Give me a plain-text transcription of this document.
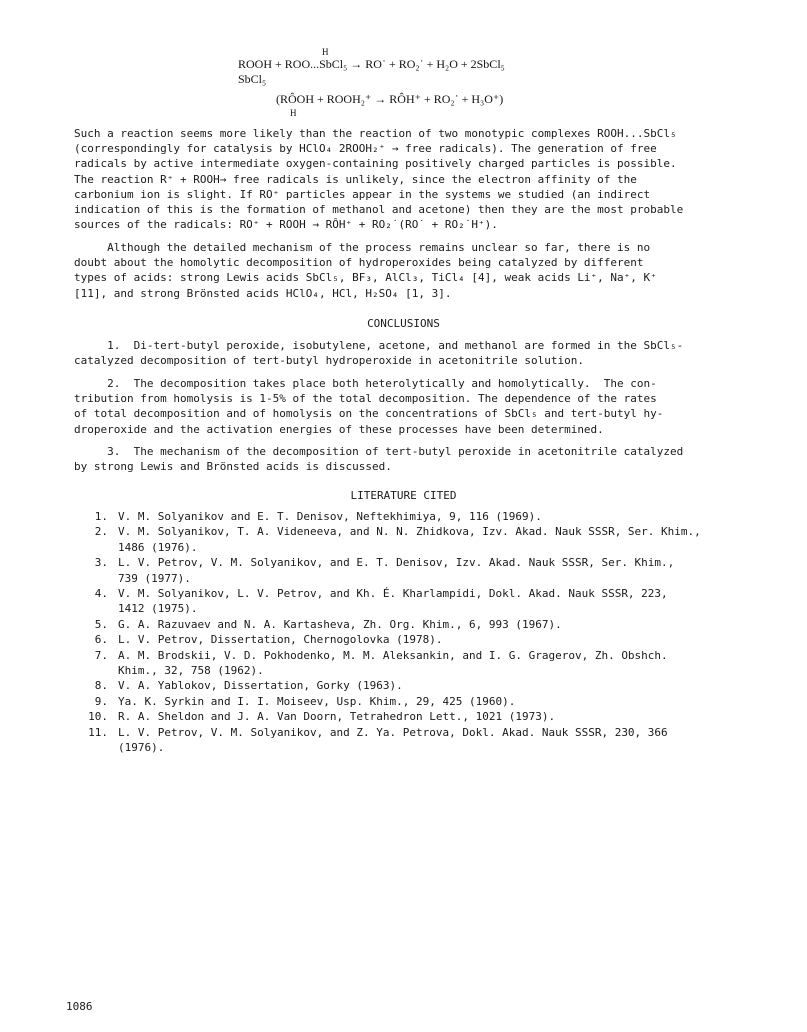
H
ROOH + ROO...SbCl₅ → RO˙ + RO₂˙ + H₂O + 2SbCl₅
SbCl₅
(RÔOH + ROOH₂⁺ → RÔH⁺ + RO₂˙ + H₃O⁺)
H
Such a reaction seems more likely than the reaction of two monotypic complexes ROOH...SbCl₅
(correspondingly for catalysis by HClO₄ 2ROOH₂⁺ → free radicals). The generation of free
radicals by active intermediate oxygen-containing positively charged particles is possible.
The reaction R⁺ + ROOH→ free radicals is unlikely, since the electron affinity of the
carbonium ion is slight. If RO⁺ particles appear in the systems we studied (an indirect
indication of this is the formation of methanol and acetone) then they are the most probable
sources of the radicals: RO⁺ + ROOH → RÔH⁺ + RO₂˙(RO˙ + RO₂˙H⁺).
Although the detailed mechanism of the process remains unclear so far, there is no
doubt about the homolytic decomposition of hydroperoxides being catalyzed by different
types of acids: strong Lewis acids SbCl₅, BF₃, AlCl₃, TiCl₄ [4], weak acids Li⁺, Na⁺, K⁺
[11], and strong Brönsted acids HClO₄, HCl, H₂SO₄ [1, 3].
CONCLUSIONS
1.  Di-tert-butyl peroxide, isobutylene, acetone, and methanol are formed in the SbCl₅-
catalyzed decomposition of tert-butyl hydroperoxide in acetonitrile solution.
2.  The decomposition takes place both heterolytically and homolytically.  The con-
tribution from homolysis is 1-5% of the total decomposition. The dependence of the rates
of total decomposition and of homolysis on the concentrations of SbCl₅ and tert-butyl hy-
droperoxide and the activation energies of these processes have been determined.
3.  The mechanism of the decomposition of tert-butyl peroxide in acetonitrile catalyzed
by strong Lewis and Brönsted acids is discussed.
LITERATURE CITED
1. V. M. Solyanikov and E. T. Denisov, Neftekhimiya, 9, 116 (1969).
2. V. M. Solyanikov, T. A. Videneeva, and N. N. Zhidkova, Izv. Akad. Nauk SSSR, Ser. Khim.,
1486 (1976).
3. L. V. Petrov, V. M. Solyanikov, and E. T. Denisov, Izv. Akad. Nauk SSSR, Ser. Khim.,
739 (1977).
4. V. M. Solyanikov, L. V. Petrov, and Kh. É. Kharlampidi, Dokl. Akad. Nauk SSSR, 223,
1412 (1975).
5. G. A. Razuvaev and N. A. Kartasheva, Zh. Org. Khim., 6, 993 (1967).
6. L. V. Petrov, Dissertation, Chernogolovka (1978).
7. A. M. Brodskii, V. D. Pokhodenko, M. M. Aleksankin, and I. G. Gragerov, Zh. Obshch.
Khim., 32, 758 (1962).
8. V. A. Yablokov, Dissertation, Gorky (1963).
9. Ya. K. Syrkin and I. I. Moiseev, Usp. Khim., 29, 425 (1960).
10. R. A. Sheldon and J. A. Van Doorn, Tetrahedron Lett., 1021 (1973).
11. L. V. Petrov, V. M. Solyanikov, and Z. Ya. Petrova, Dokl. Akad. Nauk SSSR, 230, 366
(1976).
1086
